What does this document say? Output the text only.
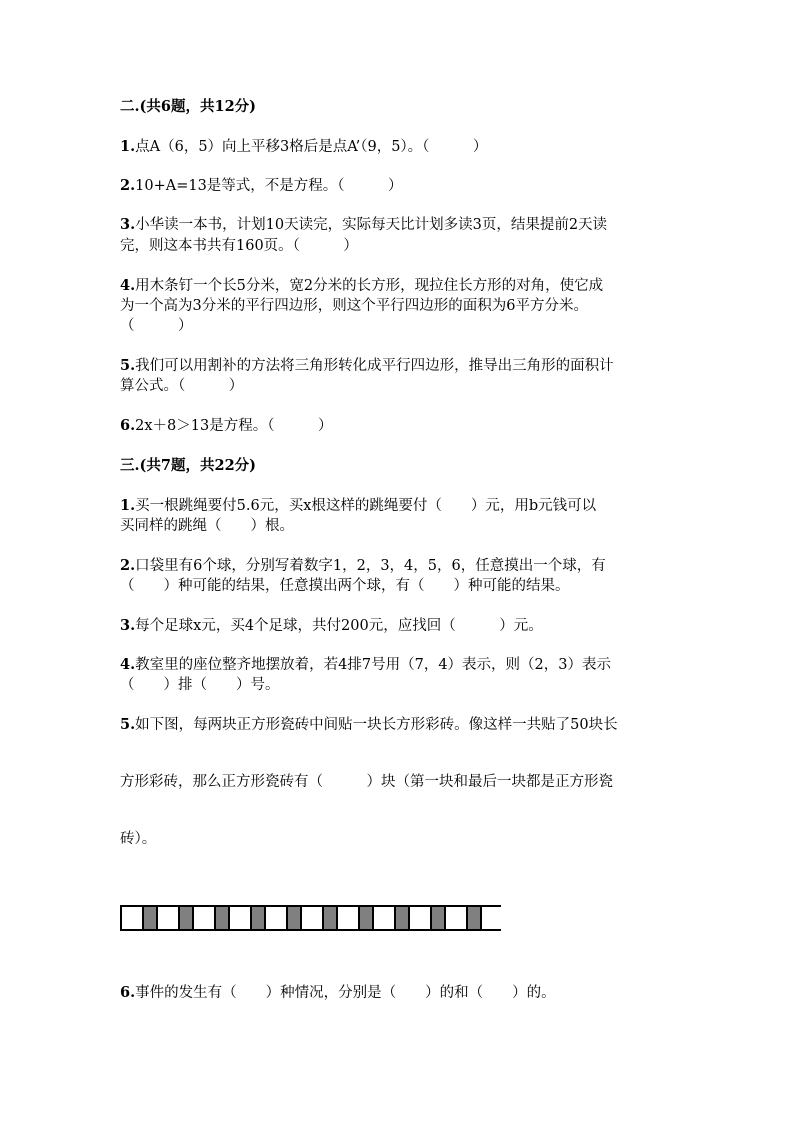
二.(共6题，共12分)
1.点A（6，5）向上平移3格后是点A’（9，5）。（　　　）
2.10+A=13是等式，不是方程。（　　　）
3.小华读一本书，计划10天读完，实际每天比计划多读3页，结果提前2天读
完，则这本书共有160页。（　　　）
4.用木条钉一个长5分米，宽2分米的长方形，现拉住长方形的对角，使它成
为一个高为3分米的平行四边形，则这个平行四边形的面积为6平方分米。
（　　　）
5.我们可以用割补的方法将三角形转化成平行四边形，推导出三角形的面积计
算公式。（　　　）
6.2x＋8＞13是方程。（　　　）
三.(共7题，共22分)
1.买一根跳绳要付5.6元，买x根这样的跳绳要付（　　）元，用b元钱可以
买同样的跳绳（　　）根。
2.口袋里有6个球，分别写着数字1，2，3，4，5，6，任意摸出一个球，有
（　　）种可能的结果，任意摸出两个球，有（　　）种可能的结果。
3.每个足球x元，买4个足球，共付200元，应找回（　　　）元。
4.教室里的座位整齐地摆放着，若4排7号用（7，4）表示，则（2，3）表示
（　　）排（　　）号。
5.如下图，每两块正方形瓷砖中间贴一块长方形彩砖。像这样一共贴了50块长
方形彩砖，那么正方形瓷砖有（　　　）块（第一块和最后一块都是正方形瓷
砖）。
6.事件的发生有（　　）种情况，分别是（　　）的和（　　）的。
